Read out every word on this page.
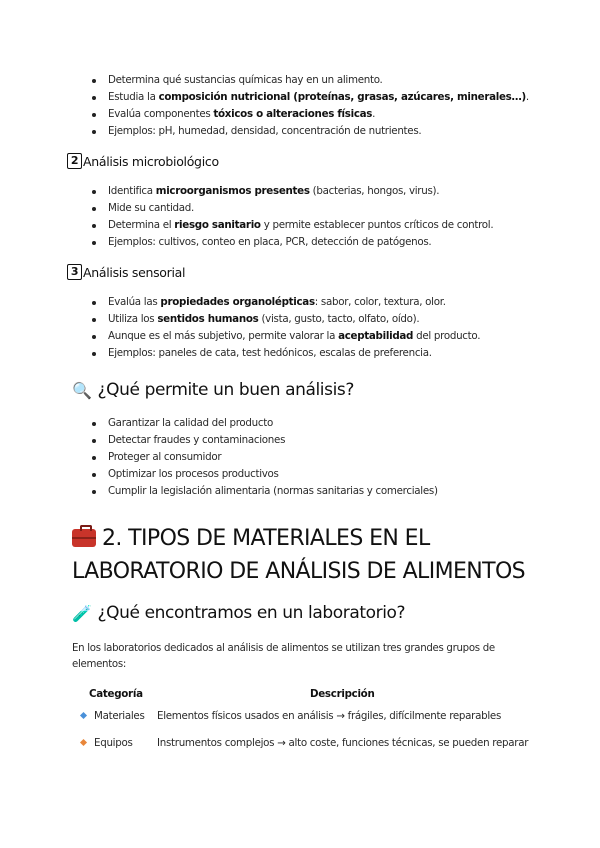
Determina qué sustancias químicas hay en un alimento.
Estudia la composición nutricional (proteínas, grasas, azúcares, minerales…).
Evalúa componentes tóxicos o alteraciones físicas.
Ejemplos: pH, humedad, densidad, concentración de nutrientes.
2 Análisis microbiológico
Identifica microorganismos presentes (bacterias, hongos, virus).
Mide su cantidad.
Determina el riesgo sanitario y permite establecer puntos críticos de control.
Ejemplos: cultivos, conteo en placa, PCR, detección de patógenos.
3 Análisis sensorial
Evalúa las propiedades organolépticas: sabor, color, textura, olor.
Utiliza los sentidos humanos (vista, gusto, tacto, olfato, oído).
Aunque es el más subjetivo, permite valorar la aceptabilidad del producto.
Ejemplos: paneles de cata, test hedónicos, escalas de preferencia.
🔍 ¿Qué permite un buen análisis?
Garantizar la calidad del producto
Detectar fraudes y contaminaciones
Proteger al consumidor
Optimizar los procesos productivos
Cumplir la legislación alimentaria (normas sanitarias y comerciales)
2. TIPOS DE MATERIALES EN EL LABORATORIO DE ANÁLISIS DE ALIMENTOS
🧪 ¿Qué encontramos en un laboratorio?
En los laboratorios dedicados al análisis de alimentos se utilizan tres grandes grupos de elementos:
Categoría	Descripción
Materiales	Elementos físicos usados en análisis → frágiles, difícilmente reparables
Equipos	Instrumentos complejos → alto coste, funciones técnicas, se pueden reparar
